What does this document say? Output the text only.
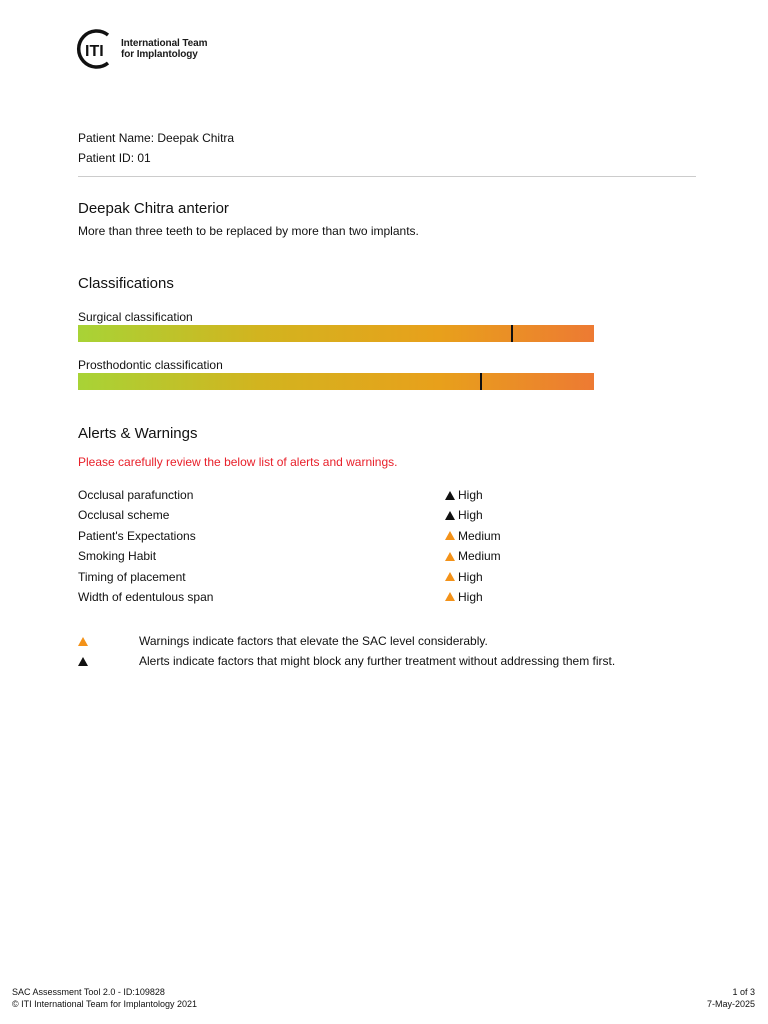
ITI International Team
for Implantology
Patient Name: Deepak Chitra
Patient ID: 01
Deepak Chitra anterior
More than three teeth to be replaced by more than two implants.
Classifications
Surgical classification
Prosthodontic classification
Alerts & Warnings
Please carefully review the below list of alerts and warnings.
Occlusal parafunction	High
Occlusal scheme	High
Patient's Expectations	Medium
Smoking Habit	Medium
Timing of placement	High
Width of edentulous span	High
Warnings indicate factors that elevate the SAC level considerably.
Alerts indicate factors that might block any further treatment without addressing them first.
SAC Assessment Tool 2.0 - ID:109828
© ITI International Team for Implantology 2021
1 of 3
7-May-2025
